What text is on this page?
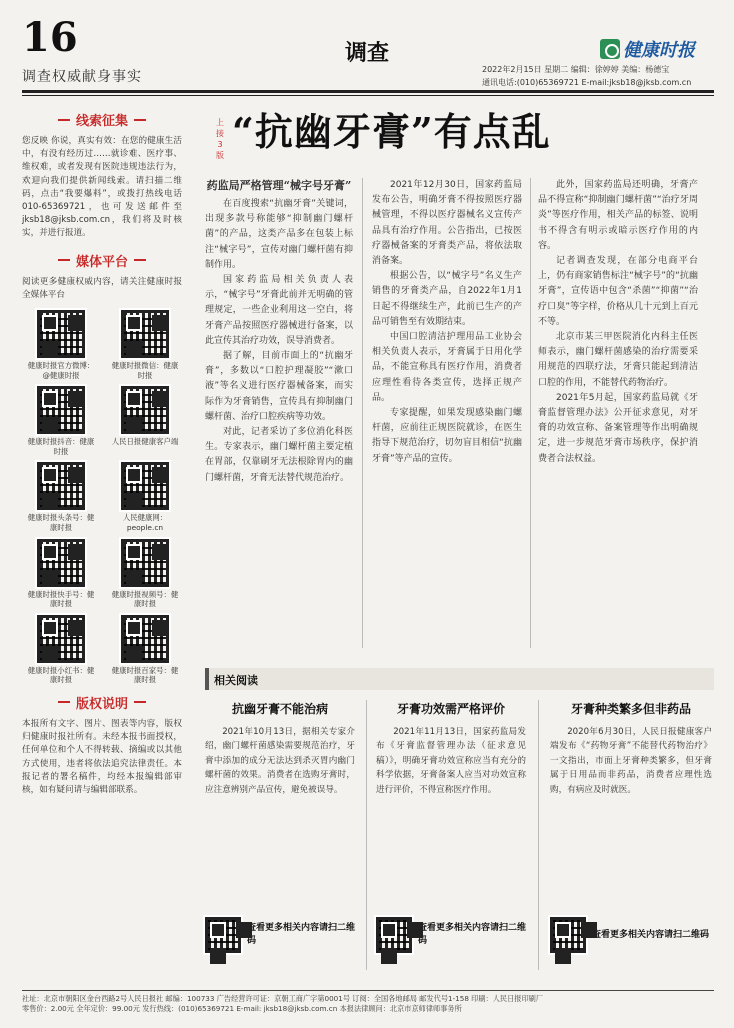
16	调查	健康时报
调查权威献身事实	2022年2月15日 星期二 编辑：徐婷婷 美编：杨德宝
通讯电话:(010)65369721 E-mail:jksb18@jksb.com.cn
线索征集
您反映 你说，真实有效：在您的健康生活中，有没有经历过……就诊难、医疗事、维权难，或者发现有医院违规违法行为，欢迎向我们提供新闻线索。请扫描二维码，点击“我要爆料”，或拨打热线电话010-65369721，也可发送邮件至jksb18@jksb.com.cn，我们将及时核实，并进行报道。
媒体平台
阅读更多健康权威内容，请关注健康时报全媒体平台
健康时报官方微博：@健康时报
健康时报微信：健康时报
健康时报抖音：健康时报
人民日报健康客户端
健康时报头条号：健康时报
人民健康网：people.cn
健康时报快手号：健康时报
健康时报视频号：健康时报
健康时报小红书：健康时报
健康时报百家号：健康时报
版权说明
本报所有文字、图片、图表等内容，版权归健康时报社所有。未经本报书面授权，任何单位和个人不得转载、摘编或以其他方式使用，违者将依法追究法律责任。本报记者的署名稿件，均经本报编辑部审核，如有疑问请与编辑部联系。
上接3版
“抗幽牙膏”有点乱
药监局严格管理“械字号牙膏”

在百度搜索“抗幽牙膏”关键词，出现多款号称能够“抑制幽门螺杆菌”的产品，这类产品多在包装上标注“械字号”，宣传对幽门螺杆菌有抑制作用。

国家药监局相关负责人表示，“械字号”牙膏此前并无明确的管理规定，一些企业利用这一空白，将牙膏产品按照医疗器械进行备案，以此宣传其治疗功效，误导消费者。

据了解，目前市面上的“抗幽牙膏”，多数以“口腔护理凝胶”“漱口液”等名义进行医疗器械备案，而实际作为牙膏销售，宣传具有抑制幽门螺杆菌、治疗口腔疾病等功效。

对此，记者采访了多位消化科医生。专家表示，幽门螺杆菌主要定植在胃部，仅靠刷牙无法根除胃内的幽门螺杆菌，牙膏无法替代规范治疗。

2021年12月30日，国家药监局发布公告，明确牙膏不得按照医疗器械管理，不得以医疗器械名义宣传产品具有治疗作用。公告指出，已按医疗器械备案的牙膏类产品，将依法取消备案。

根据公告，以“械字号”名义生产销售的牙膏类产品，自2022年1月1日起不得继续生产，此前已生产的产品可销售至有效期结束。

中国口腔清洁护理用品工业协会相关负责人表示，牙膏属于日用化学品，不能宣称具有医疗作用，消费者应理性看待各类宣传，选择正规产品。

专家提醒，如果发现感染幽门螺杆菌，应前往正规医院就诊，在医生指导下规范治疗，切勿盲目相信“抗幽牙膏”等产品的宣传。

此外，国家药监局还明确，牙膏产品不得宣称“抑制幽门螺杆菌”“治疗牙周炎”等医疗作用，相关产品的标签、说明书不得含有明示或暗示医疗作用的内容。

记者调查发现，在部分电商平台上，仍有商家销售标注“械字号”的“抗幽牙膏”，宣传语中包含“杀菌”“抑菌”“治疗口臭”等字样，价格从几十元到上百元不等。

北京市某三甲医院消化内科主任医师表示，幽门螺杆菌感染的治疗需要采用规范的四联疗法，牙膏只能起到清洁口腔的作用，不能替代药物治疗。

2021年5月起，国家药监局就《牙膏监督管理办法》公开征求意见，对牙膏的功效宣称、备案管理等作出明确规定，进一步规范牙膏市场秩序，保护消费者合法权益。

相关阅读
抗幽牙膏不能治病

2021年10月13日，据相关专家介绍，幽门螺杆菌感染需要规范治疗，牙膏中添加的成分无法达到杀灭胃内幽门螺杆菌的效果。消费者在选购牙膏时，应注意辨别产品宣传，避免被误导。

查看更多相关内容请扫二维码
牙膏功效需严格评价

2021年11月13日，国家药监局发布《牙膏监督管理办法（征求意见稿）》，明确牙膏功效宣称应当有充分的科学依据，牙膏备案人应当对功效宣称进行评价，不得宣称医疗作用。

查看更多相关内容请扫二维码
牙膏种类繁多但非药品

2020年6月30日，人民日报健康客户端发布《“药物牙膏”不能替代药物治疗》一文指出，市面上牙膏种类繁多，但牙膏属于日用品而非药品，消费者应理性选购，有病应及时就医。

查看更多相关内容请扫二维码
社址：北京市朝阳区金台西路2号人民日报社 邮编：100733 广告经营许可证：京朝工商广字第0001号 订阅：全国各地邮局 邮发代号1-158 印刷：人民日报印刷厂
零售价：2.00元 全年定价：99.00元 发行热线：(010)65369721 E-mail: jksb18@jksb.com.cn 本报法律顾问：北京市京师律师事务所
